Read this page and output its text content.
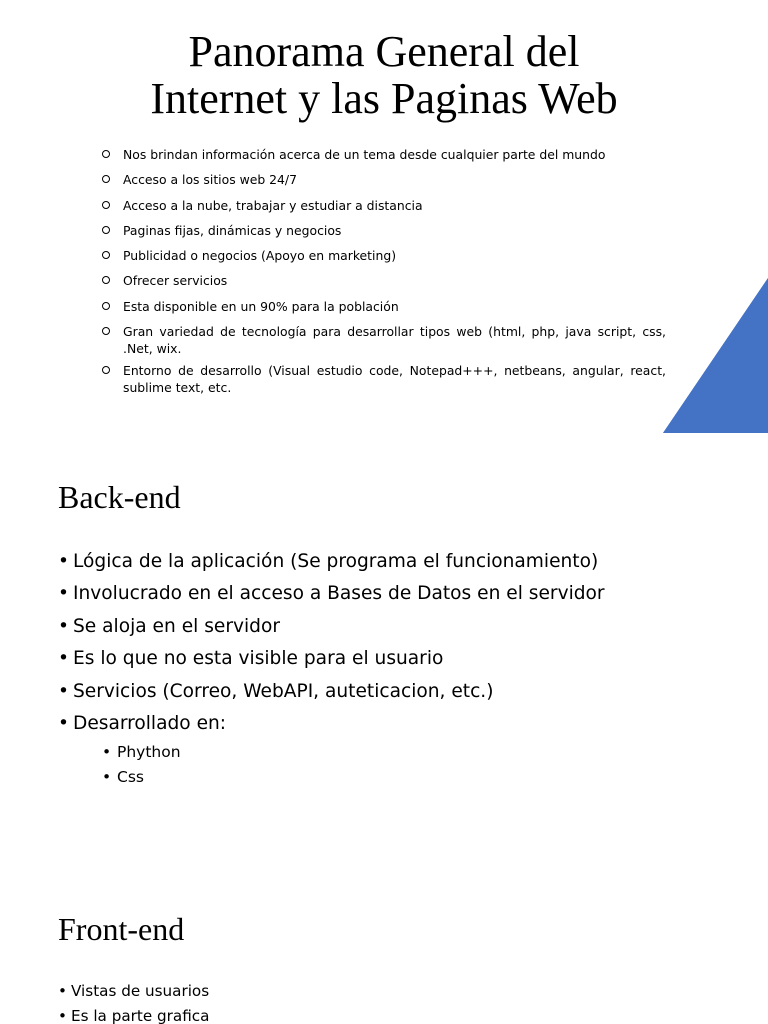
Panorama General del
Internet y las Paginas Web
Nos brindan información acerca de un tema desde cualquier parte del mundo
Acceso a los sitios web 24/7
Acceso a la nube, trabajar y estudiar a distancia
Paginas fijas, dinámicas y negocios
Publicidad o negocios (Apoyo en marketing)
Ofrecer servicios
Esta disponible en un 90% para la población
Gran variedad de tecnología para desarrollar tipos web (html, php, java script, css, .Net, wix.
Entorno de desarrollo (Visual estudio code, Notepad+++, netbeans, angular, react, sublime text, etc.
Back-end
• Lógica de la aplicación (Se programa el funcionamiento)
• Involucrado en el acceso a Bases de Datos en el servidor
• Se aloja en el servidor
• Es lo que no esta visible para el usuario
• Servicios (Correo, WebAPI, auteticacion, etc.)
• Desarrollado en:
• Phython
• Css
Front-end
• Vistas de usuarios
• Es la parte grafica
